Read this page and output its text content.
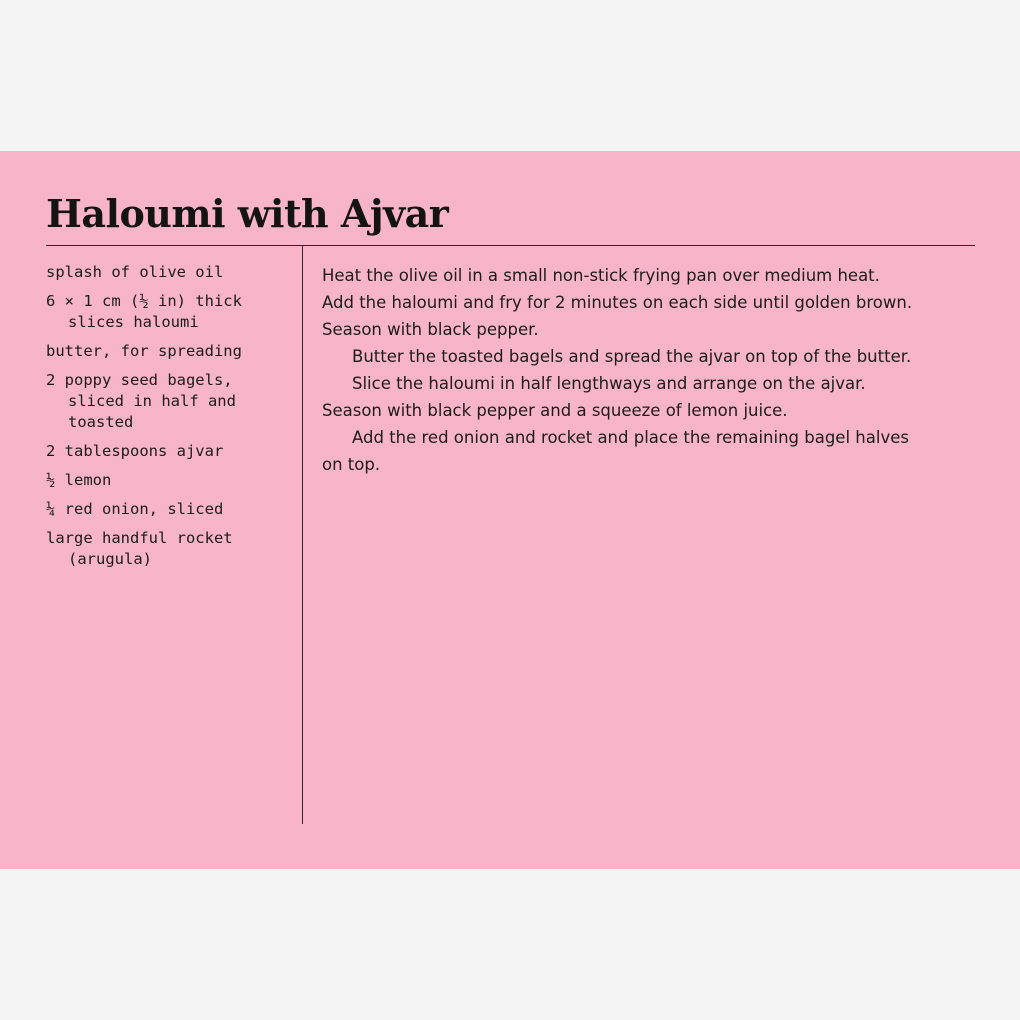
Haloumi with Ajvar
splash of olive oil
6 × 1 cm (½ in) thick
slices haloumi
butter, for spreading
2 poppy seed bagels,
sliced in half and
toasted
2 tablespoons ajvar
½ lemon
¼ red onion, sliced
large handful rocket
(arugula)

Heat the olive oil in a small non-stick frying pan over medium heat.

Add the haloumi and fry for 2 minutes on each side until golden brown.

Season with black pepper.

Butter the toasted bagels and spread the ajvar on top of the butter.

Slice the haloumi in half lengthways and arrange on the ajvar.

Season with black pepper and a squeeze of lemon juice.

Add the red onion and rocket and place the remaining bagel halves

on top.
